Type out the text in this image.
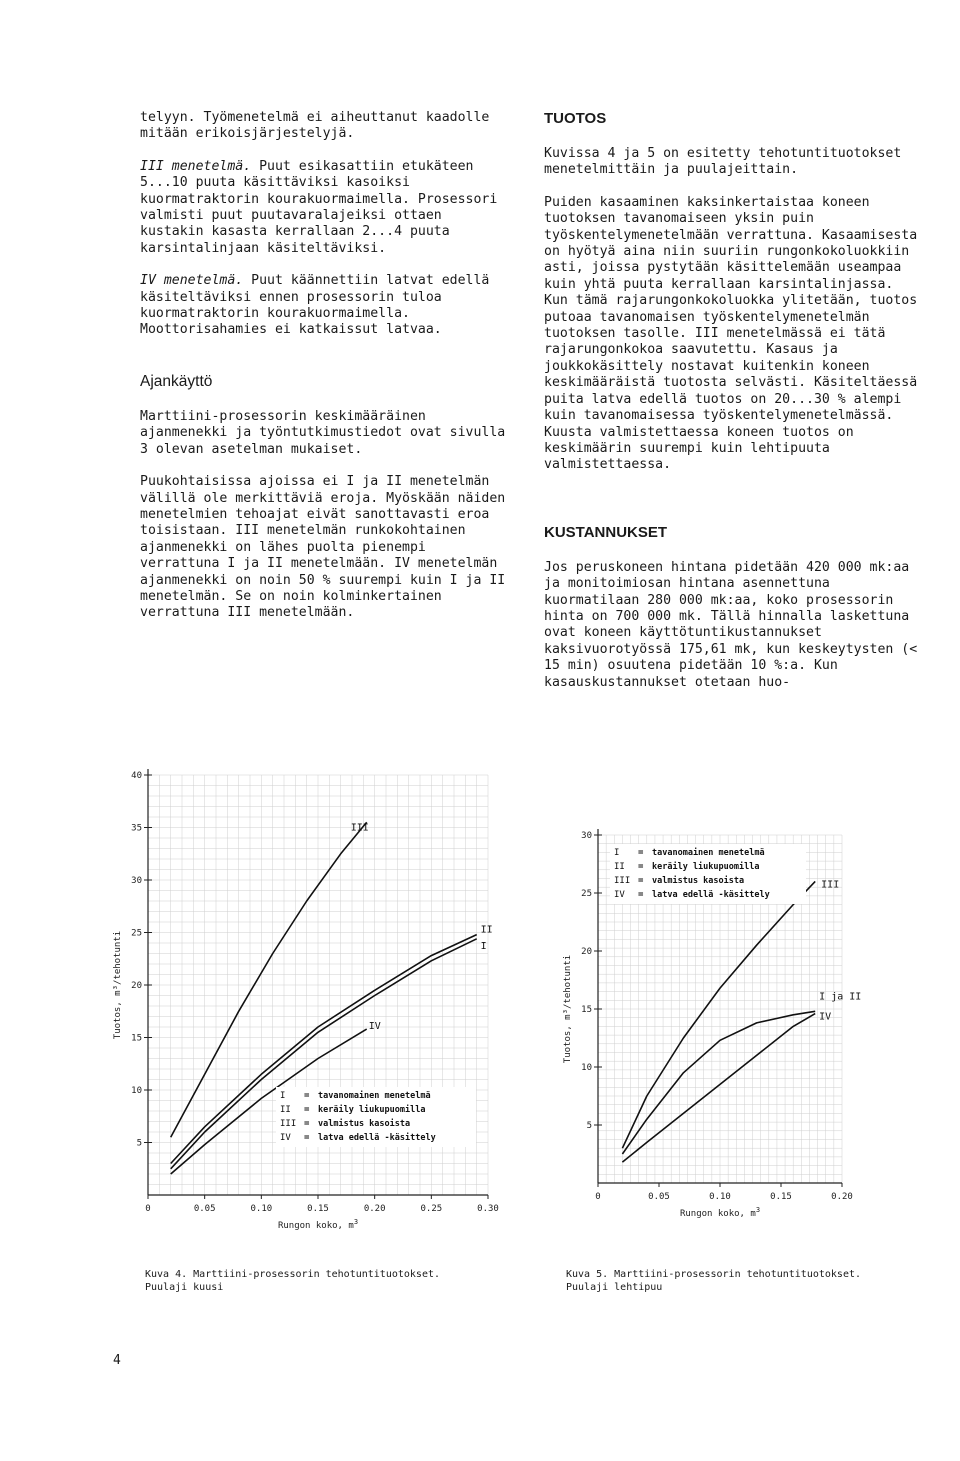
telyyn. Työmenetelmä ei aiheuttanut kaadolle mitään erikoisjärjestelyjä.

III menetelmä. Puut esikasattiin etukäteen 5...10 puuta käsittäviksi kasoiksi kuormatraktorin kourakuormaimella. Prosessori valmisti puut puutavaralajeiksi ottaen kustakin kasasta kerrallaan 2...4 puuta karsintalinjaan käsiteltäviksi.

IV menetelmä. Puut käännettiin latvat edellä käsiteltäviksi ennen prosessorin tuloa kuormatraktorin kourakuormaimella. Moottorisahamies ei katkaissut latvaa.

Ajankäyttö

Marttiini-prosessorin keskimääräinen ajanmenekki ja työntutkimustiedot ovat sivulla 3 olevan asetelman mukaiset.

Puukohtaisissa ajoissa ei I ja II menetelmän välillä ole merkittäviä eroja. Myöskään näiden menetelmien tehoajat eivät sanottavasti eroa toisistaan. III menetelmän runkokohtainen ajanmenekki on lähes puolta pienempi verrattuna I ja II menetelmään. IV menetelmän ajanmenekki on noin 50 % suurempi kuin I ja II menetelmän. Se on noin kolminkertainen verrattuna III menetelmään.

TUOTOS

Kuvissa 4 ja 5 on esitetty tehotuntituotokset menetelmittäin ja puulajeittain.

Puiden kasaaminen kaksinkertaistaa koneen tuotoksen tavanomaiseen yksin puin työskentelymenetelmään verrattuna. Kasaamisesta on hyötyä aina niin suuriin rungonkokoluokkiin asti, joissa pystytään käsittelemään useampaa kuin yhtä puuta kerrallaan karsintalinjassa. Kun tämä rajarungonkokoluokka ylitetään, tuotos putoaa tavanomaisen työskentelymenetelmän tuotoksen tasolle. III menetelmässä ei tätä rajarungonkokoa saavutettu. Kasaus ja joukkokäsittely nostavat kuitenkin koneen keskimääräistä tuotosta selvästi. Käsiteltäessä puita latva edellä tuotos on 20...30 % alempi kuin tavanomaisessa työskentelymenetelmässä. Kuusta valmistettaessa koneen tuotos on keskimäärin suurempi kuin lehtipuuta valmistettaessa.

KUSTANNUKSET

Jos peruskoneen hintana pidetään 420 000 mk:aa ja monitoimiosan hintana asennettuna kuormatilaan 280 000 mk:aa, koko prosessorin hinta on 700 000 mk. Tällä hinnalla laskettuna ovat koneen käyttötuntikustannukset kaksivuorotyössä 175,61 mk, kun keskeytysten (< 15 min) osuutena pidetään 10 %:a. Kun kasauskustannukset otetaan huo-

5
10
15
20
25
30
35
40
0	0.05	0.10	0.15	0.20	0.25	0.30
Rungon koko, $m^3$
Tuotos, m³/tehotunti
III
II
I
IV
I = tavanomainen menetelmä
II = keräily liukupuomilla
III = valmistus kasoista
IV = latva edellä -käsittely
5
10
15
20
25
30
0	0.05	0.10	0.15	0.20
Rungon koko, $m^3$
Tuotos, m³/tehotunti
III
I ja II
IV
I = tavanomainen menetelmä
II = keräily liukupuomilla
III = valmistus kasoista
IV = latva edellä -käsittely
Kuva 4. Marttiini-prosessorin tehotuntituotokset.
Puulaji kuusi
Kuva 5. Marttiini-prosessorin tehotuntituotokset.
Puulaji lehtipuu
4
